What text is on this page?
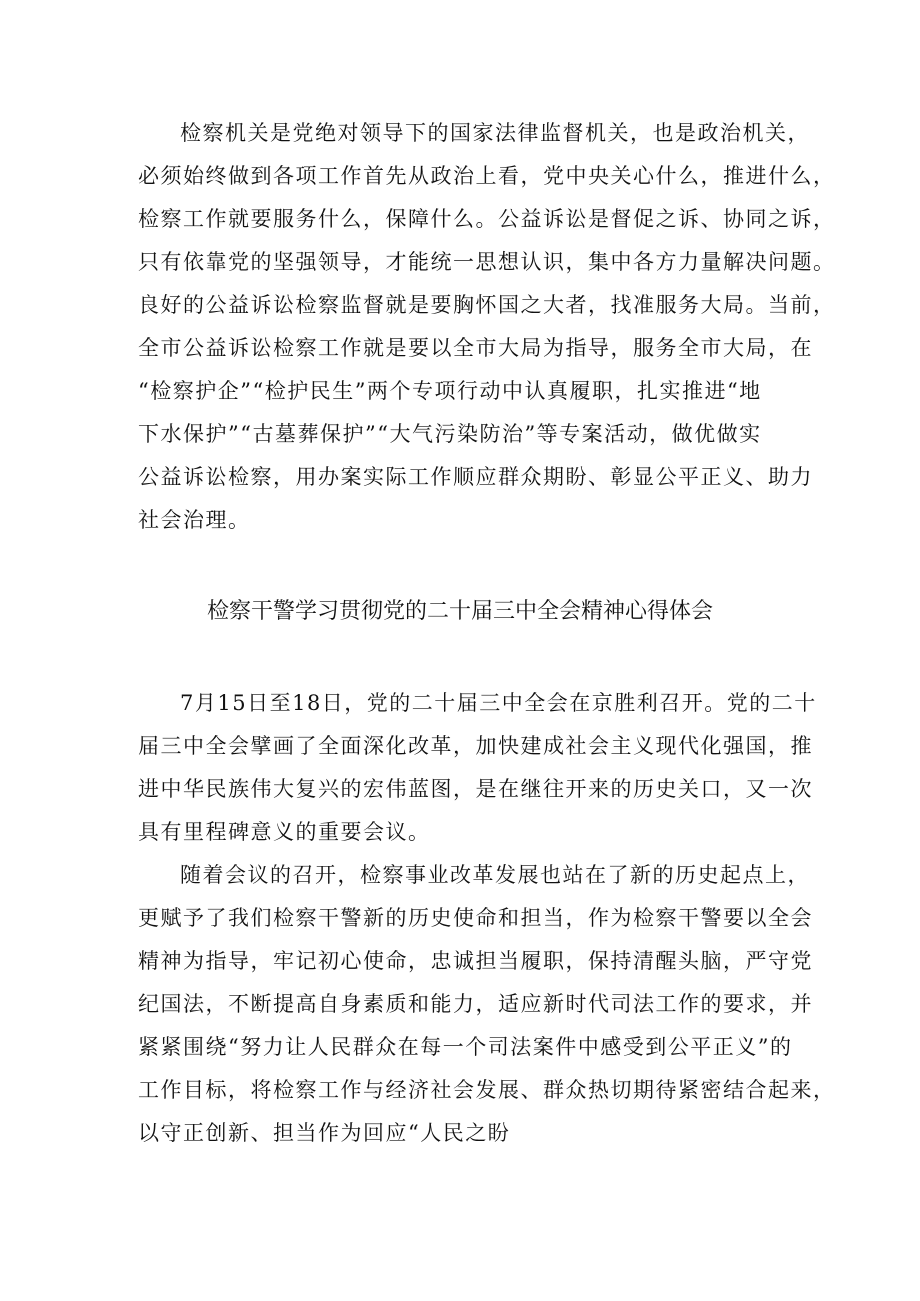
检察机关是党绝对领导下的国家法律监督机关，也是政治机关，
必须始终做到各项工作首先从政治上看，党中央关心什么，推进什么，
检察工作就要服务什么，保障什么。公益诉讼是督促之诉、协同之诉，
只有依靠党的坚强领导，才能统一思想认识，集中各方力量解决问题。
良好的公益诉讼检察监督就是要胸怀国之大者，找准服务大局。当前，
全市公益诉讼检察工作就是要以全市大局为指导，服务全市大局，在
“检察护企”“检护民生”两个专项行动中认真履职，扎实推进“地
下水保护”“古墓葬保护”“大气污染防治”等专案活动，做优做实
公益诉讼检察，用办案实际工作顺应群众期盼、彰显公平正义、助力
社会治理。
检察干警学习贯彻党的二十届三中全会精神心得体会
7月15日至18日，党的二十届三中全会在京胜利召开。党的二十
届三中全会擘画了全面深化改革，加快建成社会主义现代化强国，推
进中华民族伟大复兴的宏伟蓝图，是在继往开来的历史关口，又一次
具有里程碑意义的重要会议。
随着会议的召开，检察事业改革发展也站在了新的历史起点上，
更赋予了我们检察干警新的历史使命和担当，作为检察干警要以全会
精神为指导，牢记初心使命，忠诚担当履职，保持清醒头脑，严守党
纪国法，不断提高自身素质和能力，适应新时代司法工作的要求，并
紧紧围绕“努力让人民群众在每一个司法案件中感受到公平正义”的
工作目标，将检察工作与经济社会发展、群众热切期待紧密结合起来，
以守正创新、担当作为回应“人民之盼
